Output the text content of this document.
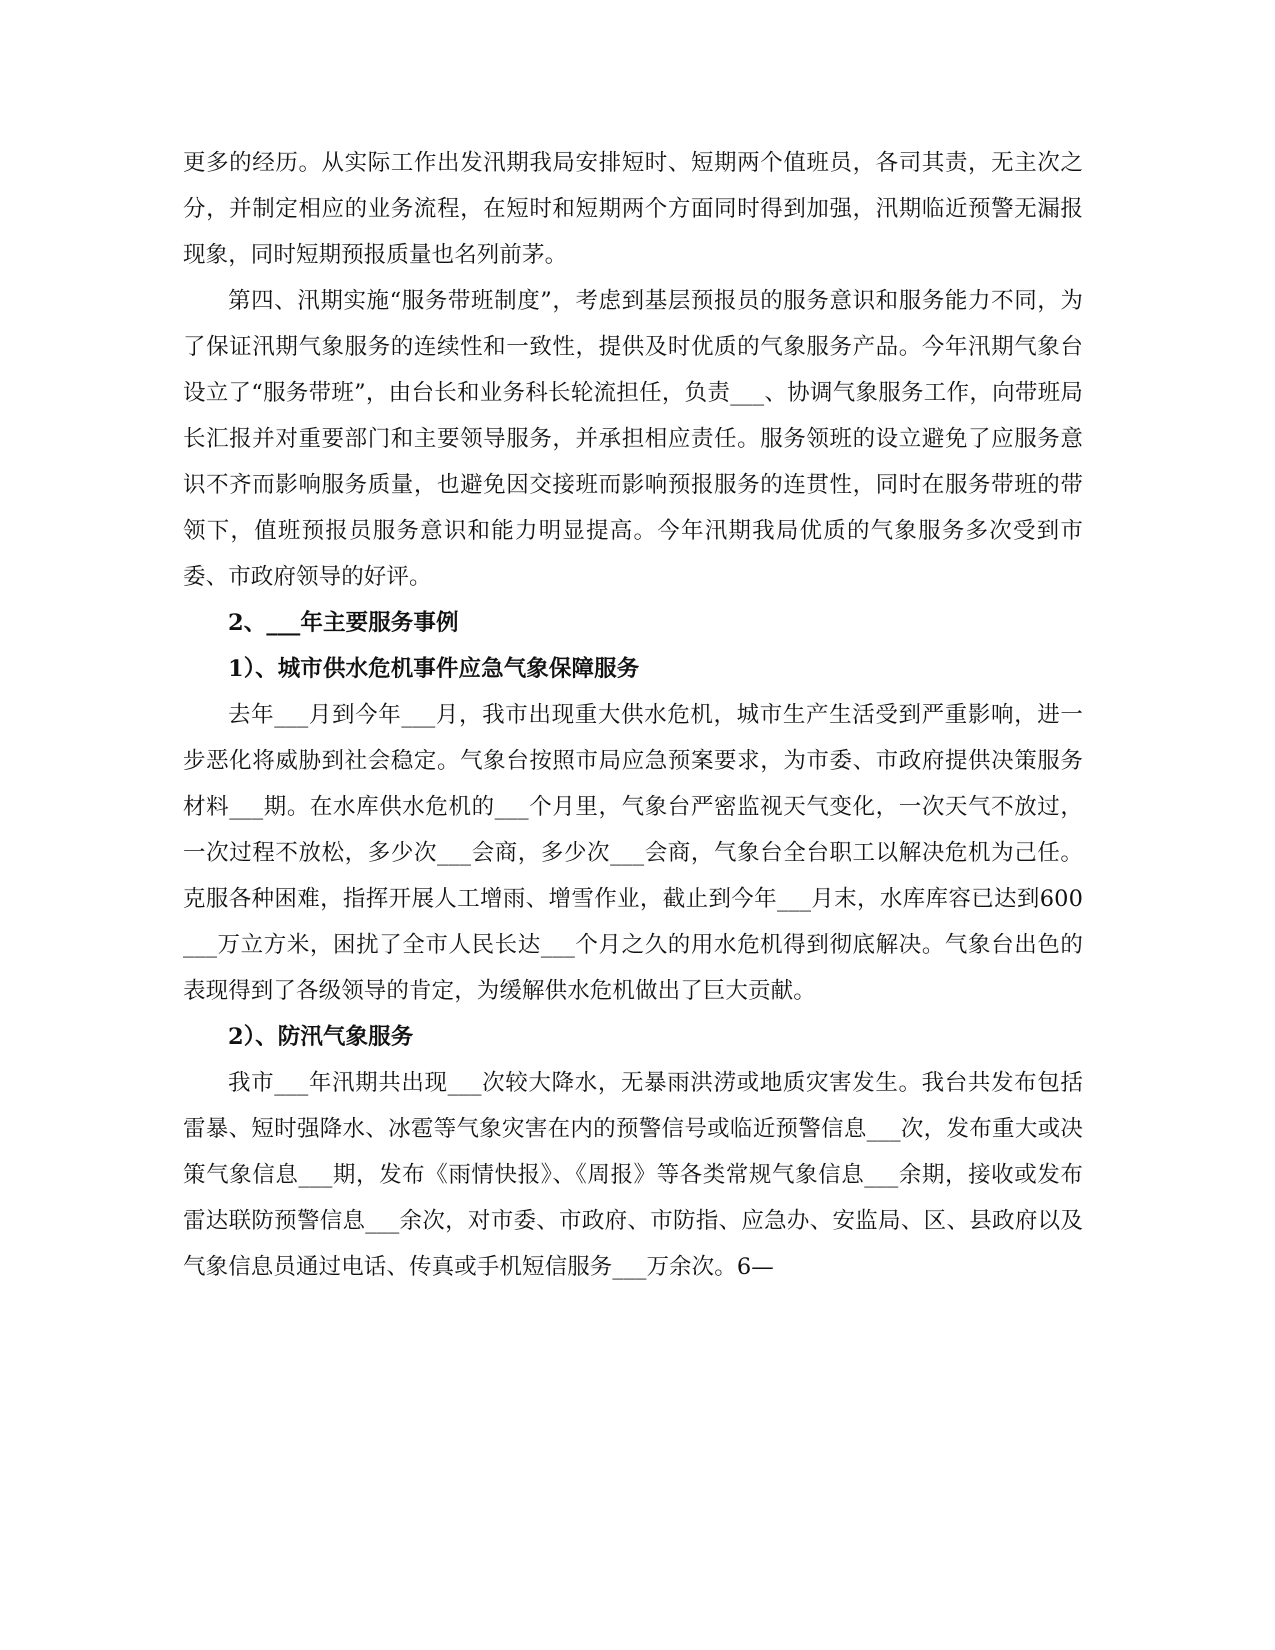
更多的经历。从实际工作出发汛期我局安排短时、短期两个值班员，各司其责，无主次之分，并制定相应的业务流程，在短时和短期两个方面同时得到加强，汛期临近预警无漏报现象，同时短期预报质量也名列前茅。

第四、汛期实施“服务带班制度”，考虑到基层预报员的服务意识和服务能力不同，为了保证汛期气象服务的连续性和一致性，提供及时优质的气象服务产品。今年汛期气象台设立了“服务带班”，由台长和业务科长轮流担任，负责___、协调气象服务工作，向带班局长汇报并对重要部门和主要领导服务，并承担相应责任。服务领班的设立避免了应服务意识不齐而影响服务质量，也避免因交接班而影响预报服务的连贯性，同时在服务带班的带领下，值班预报员服务意识和能力明显提高。今年汛期我局优质的气象服务多次受到市委、市政府领导的好评。

2、___年主要服务事例

1）、城市供水危机事件应急气象保障服务

去年___月到今年___月，我市出现重大供水危机，城市生产生活受到严重影响，进一步恶化将威胁到社会稳定。气象台按照市局应急预案要求，为市委、市政府提供决策服务材料___期。在水库供水危机的___个月里，气象台严密监视天气变化，一次天气不放过，一次过程不放松，多少次___会商，多少次___会商，气象台全台职工以解决危机为己任。克服各种困难，指挥开展人工增雨、增雪作业，截止到今年___月末，水库库容已达到600___万立方米，困扰了全市人民长达___个月之久的用水危机得到彻底解决。气象台出色的表现得到了各级领导的肯定，为缓解供水危机做出了巨大贡献。

2）、防汛气象服务

我市___年汛期共出现___次较大降水，无暴雨洪涝或地质灾害发生。我台共发布包括雷暴、短时强降水、冰雹等气象灾害在内的预警信号或临近预警信息___次，发布重大或决策气象信息___期，发布《雨情快报》、《周报》等各类常规气象信息___余期，接收或发布雷达联防预警信息___余次，对市委、市政府、市防指、应急办、安监局、区、县政府以及气象信息员通过电话、传真或手机短信服务___万余次。6—
